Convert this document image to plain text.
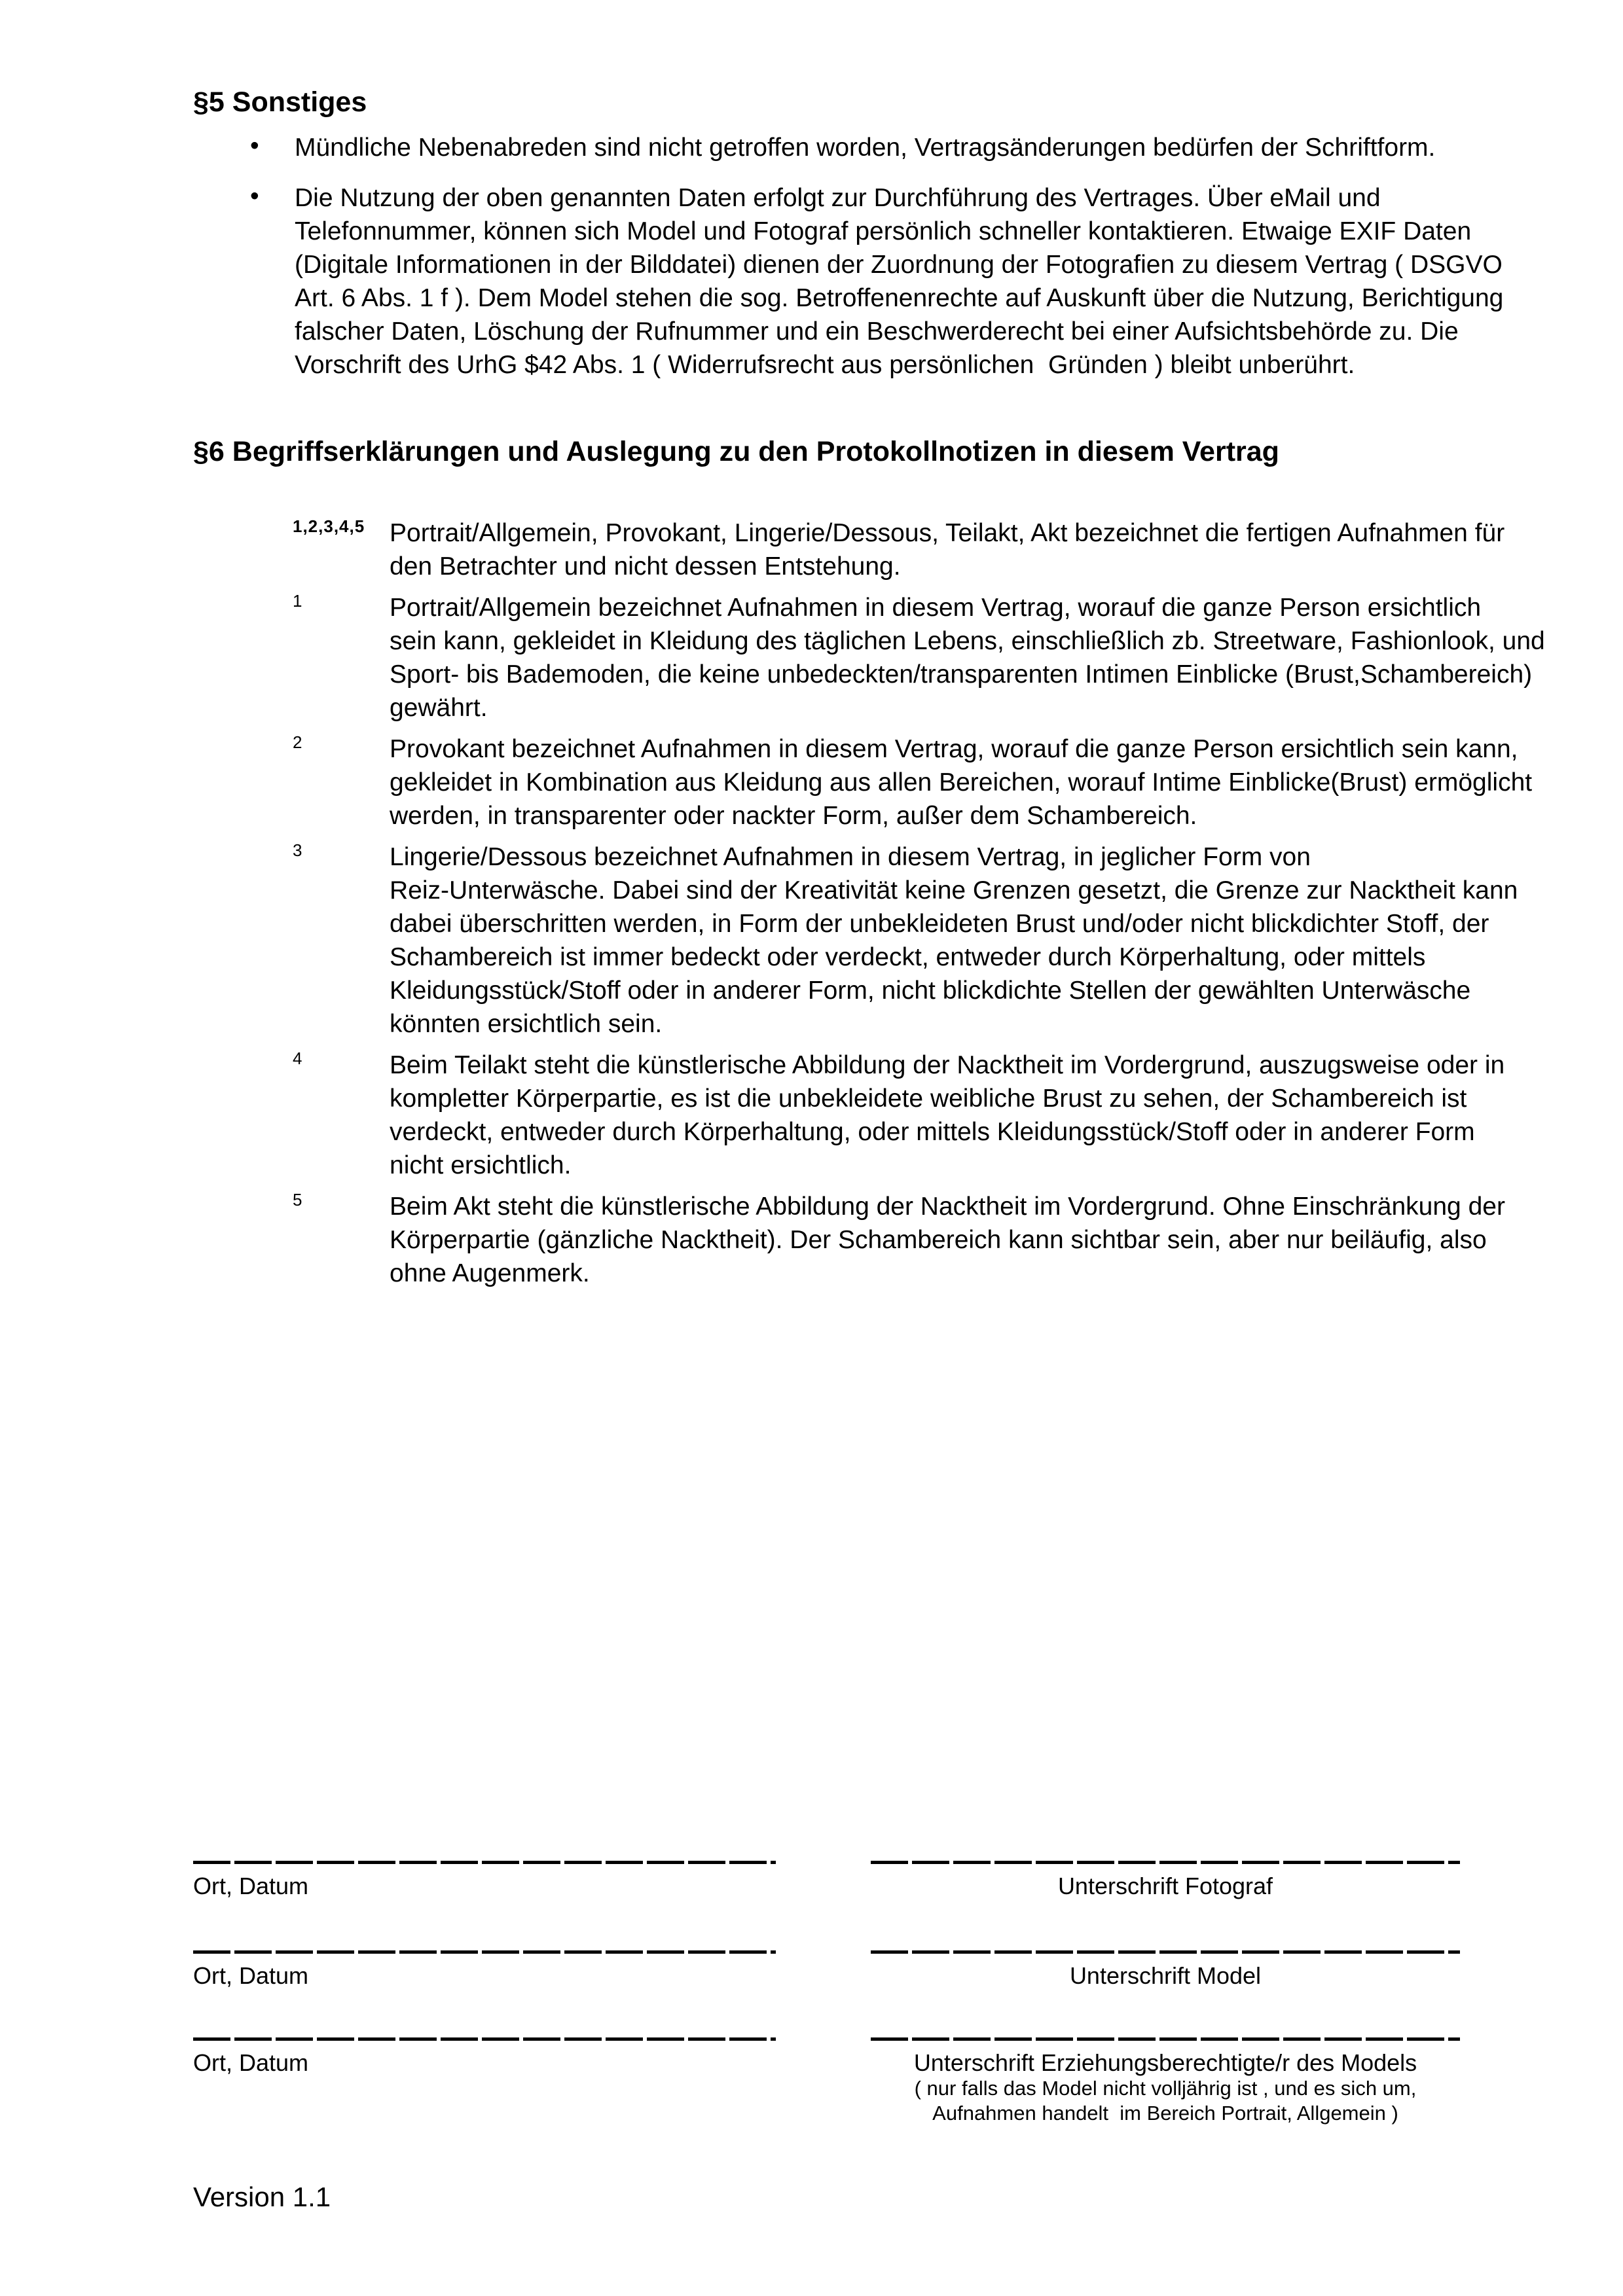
§5 Sonstiges
• Mündliche Nebenabreden sind nicht getroffen worden, Vertragsänderungen bedürfen der Schriftform.
• Die Nutzung der oben genannten Daten erfolgt zur Durchführung des Vertrages. Über eMail und
Telefonnummer, können sich Model und Fotograf persönlich schneller kontaktieren. Etwaige EXIF Daten
(Digitale Informationen in der Bilddatei) dienen der Zuordnung der Fotografien zu diesem Vertrag ( DSGVO
Art. 6 Abs. 1 f ). Dem Model stehen die sog. Betroffenenrechte auf Auskunft über die Nutzung, Berichtigung
falscher Daten, Löschung der Rufnummer und ein Beschwerderecht bei einer Aufsichtsbehörde zu. Die
Vorschrift des UrhG $42 Abs. 1 ( Widerrufsrecht aus persönlichen  Gründen ) bleibt unberührt.
§6 Begriffserklärungen und Auslegung zu den Protokollnotizen in diesem Vertrag
1,2,3,4,5 Portrait/Allgemein, Provokant, Lingerie/Dessous, Teilakt, Akt bezeichnet die fertigen Aufnahmen für
den Betrachter und nicht dessen Entstehung.
1	Portrait/Allgemein bezeichnet Aufnahmen in diesem Vertrag, worauf die ganze Person ersichtlich
sein kann, gekleidet in Kleidung des täglichen Lebens, einschließlich zb. Streetware, Fashionlook, und
Sport- bis Bademoden, die keine unbedeckten/transparenten Intimen Einblicke (Brust,Schambereich)
gewährt.
2	Provokant bezeichnet Aufnahmen in diesem Vertrag, worauf die ganze Person ersichtlich sein kann,
gekleidet in Kombination aus Kleidung aus allen Bereichen, worauf Intime Einblicke(Brust) ermöglicht
werden, in transparenter oder nackter Form, außer dem Schambereich.
3	Lingerie/Dessous bezeichnet Aufnahmen in diesem Vertrag, in jeglicher Form von
Reiz-Unterwäsche. Dabei sind der Kreativität keine Grenzen gesetzt, die Grenze zur Nacktheit kann
dabei überschritten werden, in Form der unbekleideten Brust und/oder nicht blickdichter Stoff, der
Schambereich ist immer bedeckt oder verdeckt, entweder durch Körperhaltung, oder mittels
Kleidungsstück/Stoff oder in anderer Form, nicht blickdichte Stellen der gewählten Unterwäsche
könnten ersichtlich sein.
4	Beim Teilakt steht die künstlerische Abbildung der Nacktheit im Vordergrund, auszugsweise oder in
kompletter Körperpartie, es ist die unbekleidete weibliche Brust zu sehen, der Schambereich ist
verdeckt, entweder durch Körperhaltung, oder mittels Kleidungsstück/Stoff oder in anderer Form
nicht ersichtlich.
5	Beim Akt steht die künstlerische Abbildung der Nacktheit im Vordergrund. Ohne Einschränkung der
Körperpartie (gänzliche Nacktheit). Der Schambereich kann sichtbar sein, aber nur beiläufig, also
ohne Augenmerk.
Ort, Datum	Unterschrift Fotograf
Ort, Datum	Unterschrift Model
Ort, Datum	Unterschrift Erziehungsberechtigte/r des Models
( nur falls das Model nicht volljährig ist , und es sich um,
Aufnahmen handelt  im Bereich Portrait, Allgemein )
Version 1.1
